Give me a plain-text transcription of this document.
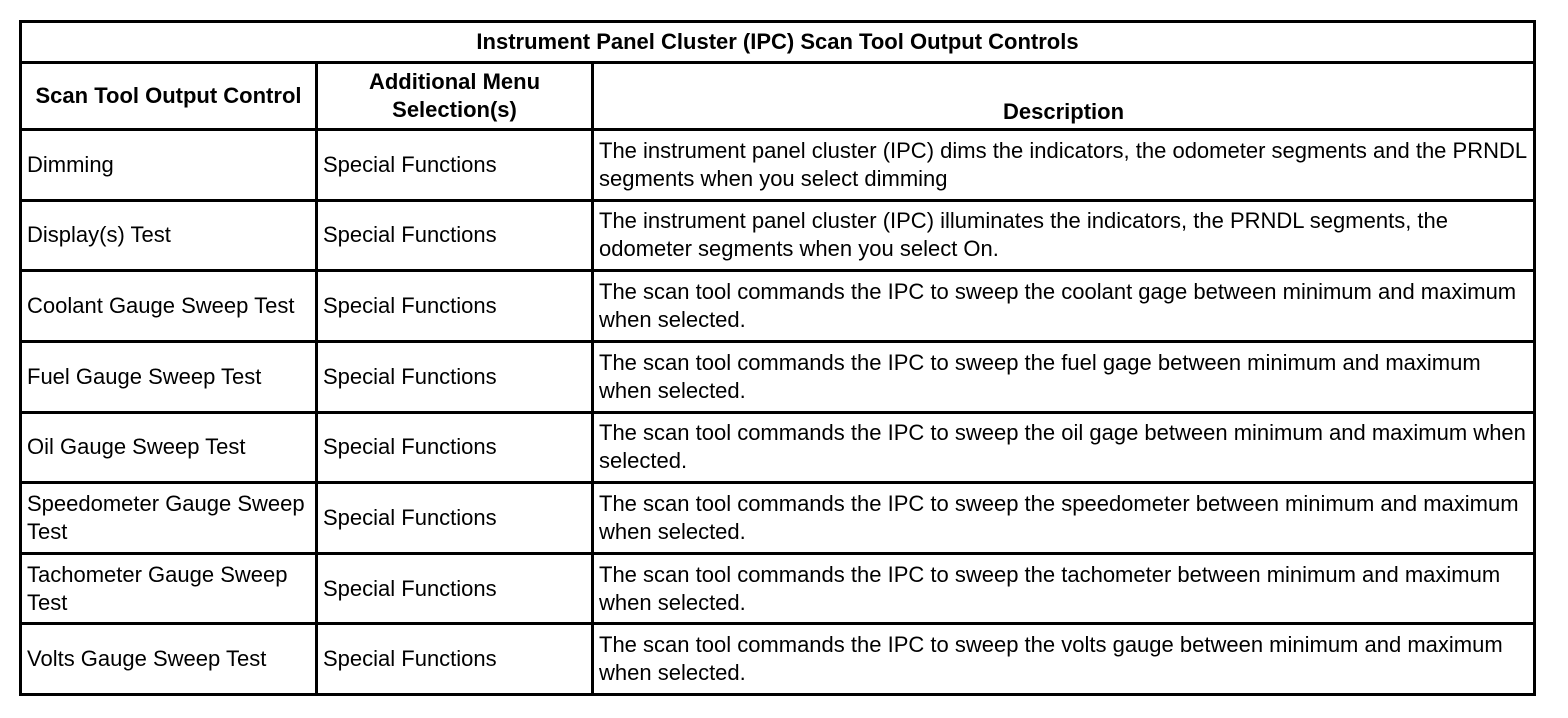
Instrument Panel Cluster (IPC) Scan Tool Output Controls		
Scan Tool Output Control	Additional Menu Selection(s)	Description
Dimming	Special Functions	The instrument panel cluster (IPC) dims the indicators, the odometer segments and the PRNDL segments when you select dimming
Display(s) Test	Special Functions	The instrument panel cluster (IPC) illuminates the indicators, the PRNDL segments, the odometer segments when you select On.
Coolant Gauge Sweep Test	Special Functions	The scan tool commands the IPC to sweep the coolant gage between minimum and maximum when selected.
Fuel Gauge Sweep Test	Special Functions	The scan tool commands the IPC to sweep the fuel gage between minimum and maximum when selected.
Oil Gauge Sweep Test	Special Functions	The scan tool commands the IPC to sweep the oil gage between minimum and maximum when selected.
Speedometer Gauge Sweep Test	Special Functions	The scan tool commands the IPC to sweep the speedometer between minimum and maximum when selected.
Tachometer Gauge Sweep Test	Special Functions	The scan tool commands the IPC to sweep the tachometer between minimum and maximum when selected.
Volts Gauge Sweep Test	Special Functions	The scan tool commands the IPC to sweep the volts gauge between minimum and maximum when selected.
